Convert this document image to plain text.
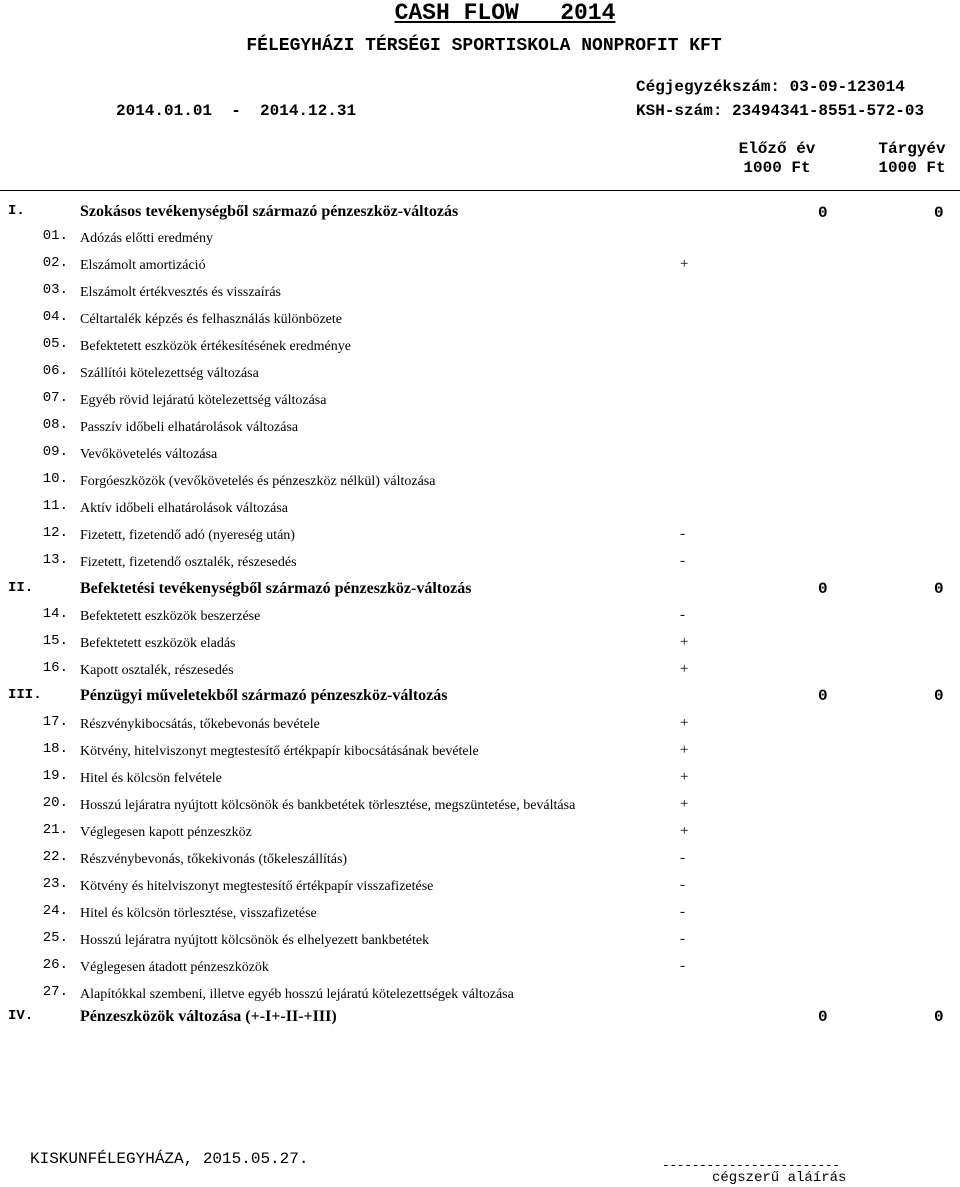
CASH FLOW   2014
FÉLEGYHÁZI TÉRSÉGI SPORTISKOLA NONPROFIT KFT
2014.01.01  -  2014.12.31
Cégjegyzékszám: 03-09-123014
KSH-szám: 23494341-8551-572-03
Előző év
1000 Ft
Tárgyév
1000 Ft
I.	Szokásos tevékenységből származó pénzeszköz-változás	0	0
01. Adózás előtti eredmény
02. Elszámolt amortizáció	+
03. Elszámolt értékvesztés és visszaírás
04. Céltartalék képzés és felhasználás különbözete
05. Befektetett eszközök értékesítésének eredménye
06. Szállítói kötelezettség változása
07. Egyéb rövid lejáratú kötelezettség változása
08. Passzív időbeli elhatárolások változása
09. Vevőkövetelés változása
10. Forgóeszközök (vevőkövetelés és pénzeszköz nélkül) változása
11. Aktív időbeli elhatárolások változása
12. Fizetett, fizetendő adó (nyereség után)	-
13. Fizetett, fizetendő osztalék, részesedés	-
II.	Befektetési tevékenységből származó pénzeszköz-változás	0	0
14. Befektetett eszközök beszerzése	-
15. Befektetett eszközök eladás	+
16. Kapott osztalék, részesedés	+
III. Pénzügyi műveletekből származó pénzeszköz-változás	0	0
17. Részvénykibocsátás, tőkebevonás bevétele	+
18. Kötvény, hitelviszonyt megtestesítő értékpapír kibocsátásának bevétele	+
19. Hitel és kölcsön felvétele	+
20. Hosszú lejáratra nyújtott kölcsönök és bankbetétek törlesztése, megszüntetése, beváltása	+
21. Véglegesen kapott pénzeszköz	+
22. Részvénybevonás, tőkekivonás (tőkeleszállítás)	-
23. Kötvény és hitelviszonyt megtestesítő értékpapír visszafizetése	-
24. Hitel és kölcsön törlesztése, visszafizetése	-
25. Hosszú lejáratra nyújtott kölcsönök és elhelyezett bankbetétek	-
26. Véglegesen átadott pénzeszközök	-
27. Alapítókkal szembeni, illetve egyéb hosszú lejáratú kötelezettségek változása
IV.	Pénzeszközök változása (+-I+-II-+III)	0	0
KISKUNFÉLEGYHÁZA, 2015.05.27.	------------------------
cégszerű aláírás
